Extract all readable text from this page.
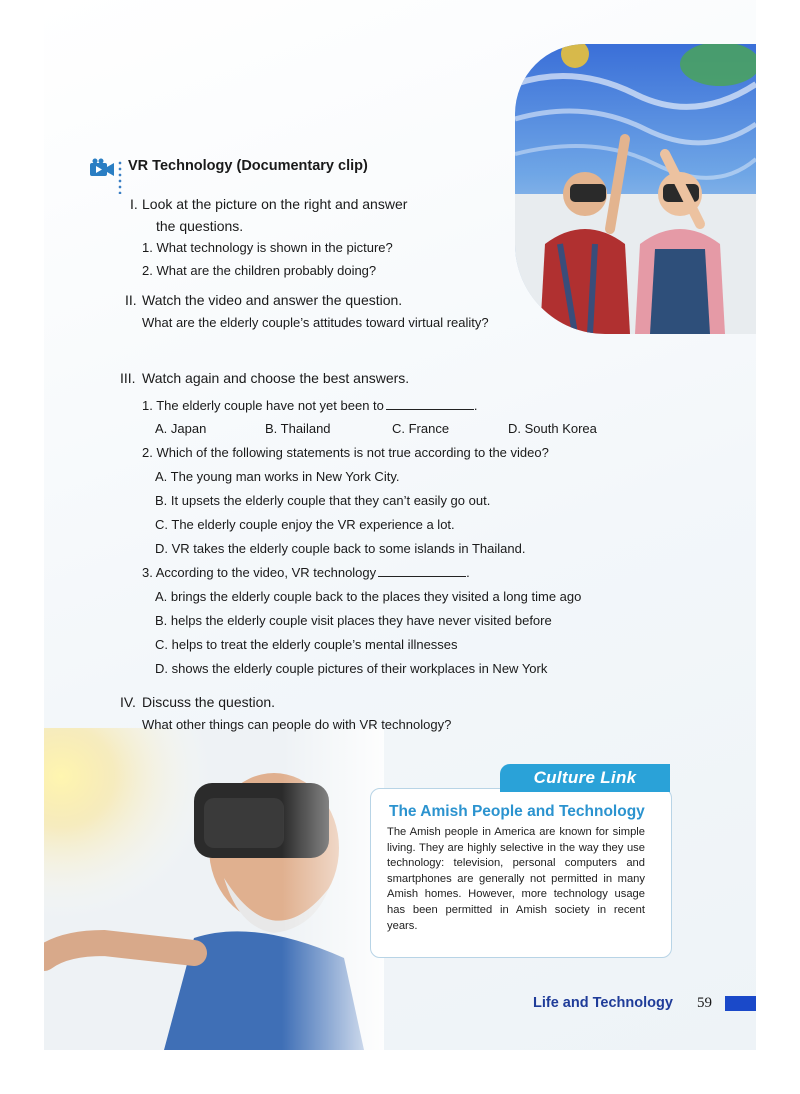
VR Technology (Documentary clip)
I. Look at the picture on the right and answer
the questions.
1. What technology is shown in the picture?
2. What are the children probably doing?
II. Watch the video and answer the question.
What are the elderly couple’s attitudes toward virtual reality?
III. Watch again and choose the best answers.
1. The elderly couple have not yet been to	.
A. Japan	B. Thailand	C. France	D. South Korea
2. Which of the following statements is not true according to the video?
A. The young man works in New York City.
B. It upsets the elderly couple that they can’t easily go out.
C. The elderly couple enjoy the VR experience a lot.
D. VR takes the elderly couple back to some islands in Thailand.
3. According to the video, VR technology	.
A. brings the elderly couple back to the places they visited a long time ago
B. helps the elderly couple visit places they have never visited before
C. helps to treat the elderly couple’s mental illnesses
D. shows the elderly couple pictures of their workplaces in New York
IV. Discuss the question.
What other things can people do with VR technology?
Culture Link
The Amish People and Technology
The Amish people in America are known for simple living. They are highly selective in the way they use technology: television, personal computers and smartphones are generally not permitted in many Amish homes. However, more technology usage has been permitted in Amish society in recent years.
Life and Technology 59
